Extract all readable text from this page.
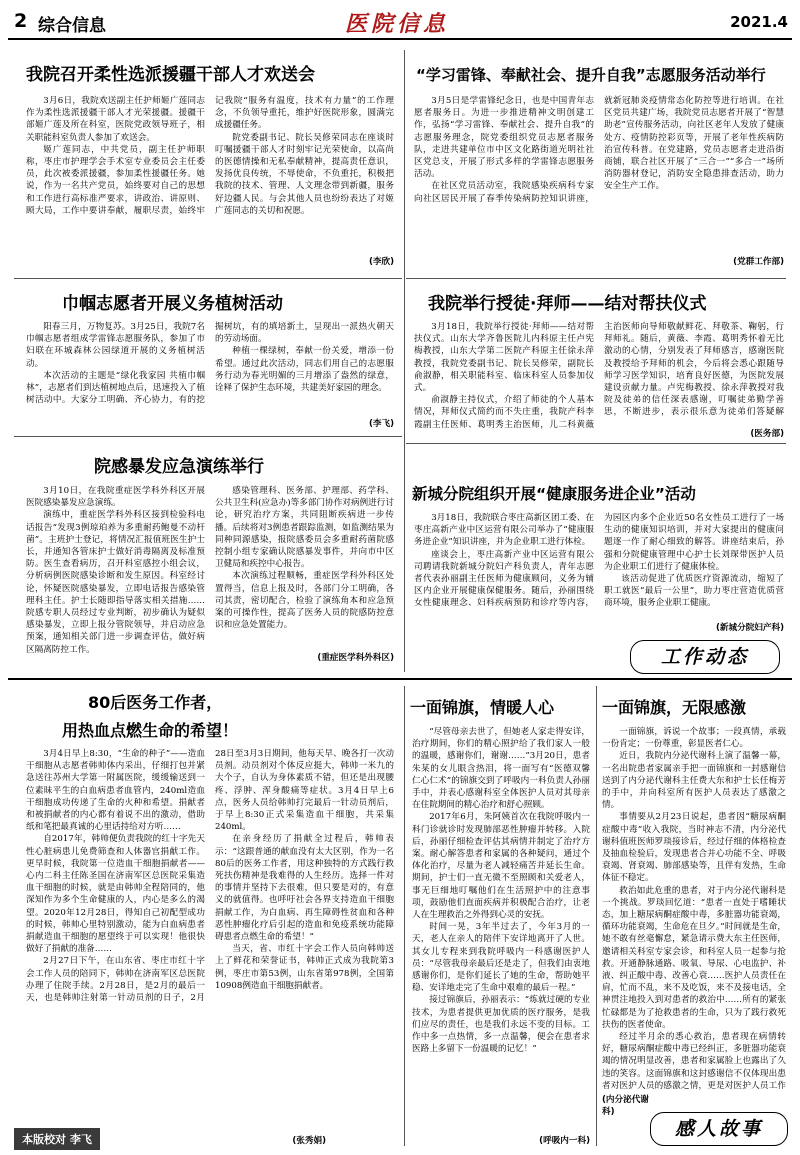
2 综合信息	医院信息	2021.4
我院召开柔性选派援疆干部人才欢送会

3月6日，我院欢送副主任护师姬广莲同志作为柔性选派援疆干部人才光荣援疆。援疆干部姬广莲及所在科室，医院党政领导班子，相关职能科室负责人参加了欢送会。

姬广莲同志，中共党员，副主任护师职称，枣庄市护理学会手术室专业委员会主任委员，此次被委派援疆，参加柔性援疆任务。她说，作为一名共产党员，始终要对自己的思想和工作进行高标准严要求，讲政治、讲原则、顾大局，工作中要讲奉献，履职尽责，始终牢记我院“服务有温度，技术有力量”的工作理念，不负领导重托，维护好医院形象，圆满完成援疆任务。

院党委副书记、院长吴修荣同志在座谈时叮嘱援疆干部人才时刻牢记光荣使命，以高尚的医德情操和无私奉献精神，提高责任意识，发扬优良传统，不辱使命，不负重托，积极把我院的技术、管理、人文理念带到新疆，服务好边疆人民。与会其他人员也纷纷表达了对姬广莲同志的关切和祝愿。

(李欣)
“学习雷锋、奉献社会、提升自我”志愿服务活动举行

3月5日是学雷锋纪念日，也是中国青年志愿者服务日。为进一步推进精神文明创建工作，弘扬“学习雷锋、奉献社会、提升自我”的志愿服务理念，院党委组织党员志愿者服务队，走进共建单位市中区文化路街道光明社社区党总支，开展了形式多样的学雷锋志愿服务活动。

在社区党员活动室，我院感染疾病科专家向社区居民开展了春季传染病防控知识讲座，就新冠肺炎疫情常态化防控等进行培训。在社区党员共建广场，我院党员志愿者开展了“智慧助老”宣传服务活动，向社区老年人发放了健康处方、疫情防控彩页等，开展了老年性疾病防治宣传科普。在党建路，党员志愿者走进沿街商铺，联合社区开展了“三合一”“多合一”场所消防器材登记，消防安全隐患排查活动，助力安全生产工作。

(党群工作部)
巾帼志愿者开展义务植树活动

阳春三月，万物复苏。3月25日，我院7名巾帼志愿者组成学雷锋志愿服务队，参加了市妇联在环城森林公园绿道开展的义务植树活动。

本次活动的主题是“绿化我家园 共植巾帼林”，志愿者们到达植树地点后，迅速投入了植树活动中。大家分工明确、齐心协力，有的挖掘树坑，有的填培新土，呈现出一派热火朝天的劳动场面。

种植一棵绿树，奉献一份关爱，增添一份希望。通过此次活动，同志们用自己的志愿服务行动为春光明媚的三月增添了盎然的绿意，诠释了保护生态环境，共建美好家园的理念。

(李飞)
我院举行授徒·拜师——结对帮扶仪式

3月18日，我院举行授徒·拜师——结对帮扶仪式。山东大学齐鲁医院儿内科原主任卢宪梅教授，山东大学第二医院产科原主任徐永萍教授，我院党委副书记、院长吴修荣，副院长俞淑静，相关职能科室、临床科室人员参加仪式。

俞淑静主持仪式，介绍了师徒的个人基本情况，拜师仪式简约而不失庄重，我院产科李霞副主任医师、葛明秀主治医师，儿二科黄薇主治医师向导师敬献鲜花、拜敬茶、鞠躬，行拜师礼。随后，黄薇、李霞、葛明秀怀着无比激动的心情，分别发表了拜师感言，感谢医院及教授给予拜师的机会，今后将会悉心跟随导师学习医学知识，培育良好医德，为医院发展建设贡献力量。卢宪梅教授、徐永萍教授对我院及徒弟的信任深表感谢，叮嘱徒弟勤学善思，不断进步，表示很乐意为徒弟们答疑解

(医务部)
院感暴发应急演练举行

3月10日，在我院重症医学科外科区开展医院感染暴发应急演练。

演练中，重症医学科外科区接到检验科电话报告“发现3例琼珀养为多重耐药鲍曼不动杆菌”。主班护士登记，将情况汇报值班医生护士长，并通知各管床护士做好消毒隔离及标准预防。医生查看病历，召开科室感控小组会议，分析病例医院感染诊断和发生原因。科室经讨论，怀疑医院感染暴发，立即电话报告感染管理科主任。护士长随即指导落实相关措施……院感专职人员经过专业判断，初步确认为疑似感染暴发，立即上报分管院领导，并启动应急预案，通知相关部门进一步调查评估，做好病区隔离防控工作。

感染管理科、医务部、护理部、药学科、公共卫生科(应急办)等多部门协作对病例进行讨论，研究治疗方案，共同阻断疾病进一步传播。后续将对3例患者跟踪监测，如监测结果为同种同源感染，报院感委员会多重耐药菌院感控制小组专家确认院感暴发事件，并向市中区卫健局和疾控中心报告。

本次演练过程顺畅，重症医学科外科区处置得当，信息上报及时，各部门分工明确，各司其责，密切配合，检验了演练角本和应急预案的可操作性，提高了医务人员的院感防控意识和应急处置能力。

(重症医学科外科区)
新城分院组织开展“健康服务进企业”活动

3月18日，我院联合枣庄高新区团工委、在枣庄高新产业中区运营有限公司举办了“健康服务进企业”知识讲座，并为企业职工进行体检。

座谈会上，枣庄高新产业中区运营有限公司聘请我院新城分院妇产科负责人，青年志愿者代表孙丽副主任医师为健康顾问，义务为辅区内企业开展健康保健服务。随后，孙丽围绕女性健康理念、妇科疾病预防和诊疗等内容，为园区内多个企业近50名女性员工进行了一场生动的健康知识培训，并对大家提出的健康问题逐一作了耐心细致的解答。讲座结束后，孙强和分院健康管理中心护士长刘琛带医护人员为企业职工们进行了健康体检。

该活动促进了优质医疗资源流动，缩短了职工就医“最后一公里”，助力枣庄营造优质营商环境，服务企业职工健康。

(新城分院妇产科)
工作动态
80后医务工作者，
用热血点燃生命的希望！

3月4日早上8:30，“生命的种子”——造血干细胞从志愿者韩帅体内采出，仔细打包并紧急送往苏州大学第一附属医院，缓缓输送到一位素昧平生的白血病患者血管内，240ml造血干细胞成功传递了生命的火种和希望。捐献者和被捐献者的内心都有着说不出的激动，借助纸和笔把最真诚的心里话持给对方听……

自2017年，韩帅便负责我院的红十字先天性心脏病患儿免费筛查和人体器官捐献工作。更早时候，我院第一位造血干细胞捐献者——心内二科主任陈圣国在济南军区总医院采集造血干细胞的时候，就是由韩帅全程陪同的，他深知作为多个生命健康的人，内心是多么的渴望。2020年12月28日，得知自己初配型成功的时候，韩帅心里特别激动，能为白血病患者捐献造血干细胞的愿望终于可以实现！他很快做好了捐献的准备……

2月27日下午，在山东省、枣庄市红十字会工作人员的陪同下，韩帅在济南军区总医院办理了住院手续。2月28日，是2月的最后一天，也是韩帅注射第一针动员剂的日子，2月28日至3月3日期间，他每天早、晚各打一次动员剂。动员剂对个体反应挺大，韩帅一米九的大个子，自认为身体素质不错，但还是出现腰疼、浮肿、浑身酸痛等症状。3月4日早上6点，医务人员给韩帅打完最后一针动员剂后，于早上8:30正式采集造血干细胞，共采集240ml。

在亲身经历了捐献全过程后，韩帅表示：“这跟普通的献血没有太大区别，作为一名80后的医务工作者，用这种独特的方式践行救死扶伤精神是我难得的人生经历。选择一件对的事情并坚持下去很难，但只要是对的，有意义的就值得。也呼吁社会各界支持造血干细胞捐献工作，为白血病、再生障碍性贫血和各种恶性肿瘤化疗后引起的造血和免疫系统功能障碍患者点燃生命的希望！”

当天，省、市红十字会工作人员向韩帅送上了鲜花和荣誉证书，韩帅正式成为我院第3例，枣庄市第53例，山东省第978例，全国第10908例造血干细胞捐献者。

(张秀娟)
本版校对 李飞
一面锦旗，情暖人心

“尽管母亲去世了，但她老人家走得安详，治疗期间，你们的精心照护给了我们家人一般的温暖，感谢你们，谢谢……”3月20日，患者朱某的女儿眼含热泪，将一面写有“医德双馨 仁心仁术”的锦旗交到了呼吸内一科负责人孙丽手中，并表心感谢科室全体医护人员对其母亲在住院期间的精心治疗和舒心照顾。

2017年6月，朱阿姨首次在我院呼吸内一科门诊就诊时发现肺部恶性肿瘤并转移。入院后，孙丽仔细检查评估其病情并制定了治疗方案。耐心解答患者和家属的各种疑问，通过个体化治疗，尽量为老人减轻痛苦并延长生命。期间，护士们一直无微不至照顾和关爱老人，事无巨细地叮嘱他们在生活照护中的注意事项，鼓励他们直面疾病并积极配合治疗，让老人在生理救治之外得到心灵的安抚。

时间一晃，3年半过去了，今年3月的一天，老人在亲人的陪伴下安详地离开了人世。其女儿专程来到我院呼吸内一科感谢医护人员：“尽管我母亲最后还是走了，但我们由衷地感谢你们，是你们延长了她的生命，帮助她平稳、安详地走完了生命中艰难的最后一程。”

接过锦旗后，孙丽表示：“炼就过硬的专业技术，为患者提供更加优质的医疗服务，是我们应尽的责任，也是我们永远不变的目标。工作中多一点热情，多一点温馨，便会在患者求医路上多留下一份温暖的记忆！”

(呼吸内一科)
一面锦旗，无限感激

一面锦旗，诉说一个故事；一段真情，承载一份肯定；一份尊重，彰显医者仁心。

近日，我院内分泌代谢科上演了温馨一幕，一名出院患者家属亲手把一面锦旗和一封感谢信送到了内分泌代谢科主任费大东和护士长任梅芳的手中，并向科室所有医护人员表达了感激之情。

事情要从2月23日说起，患者因“糖尿病酮症酸中毒”收入我院，当时神志不清，内分泌代谢科值班医师罗琰接诊后，经过仔细的体格检查及抽血检验后，发现患者合并心功能不全、呼吸衰竭、肾衰竭、肺部感染等，且伴有发热，生命体征不稳定。

救治如此危重的患者，对于内分泌代谢科是一个挑战。罗琰回忆道：“患者一直处于嗜睡状态，加上糖尿病酮症酸中毒，多脏器功能衰竭，循环功能衰竭，生命危在旦夕。”时间就是生命，她不敢有丝毫懈怠，紧急请示费大东主任医师，邀请相关科室专家会诊，和科室人员一起参与抢救。开通静脉通路、吸氧、导尿、心电监护、补液、纠正酸中毒、改善心衰……医护人员责任在肩，忙而不乱，来不及吃饭，来不及接电话，全神贯注地投入到对患者的救治中……所有的紧张忙碌都是为了抢救患者的生命，只为了践行救死扶伤的医者使命。

经过半月余的悉心救治，患者现在病情转好，糖尿病酮症酸中毒已经纠正，多脏器功能衰竭的情况明显改善，患者和家属脸上也露出了久违的笑容。这面锦旗和这封感谢信不仅体现出患者对医护人员的感激之情，更是对医护人员工作

(内分泌代谢科)
感人故事
